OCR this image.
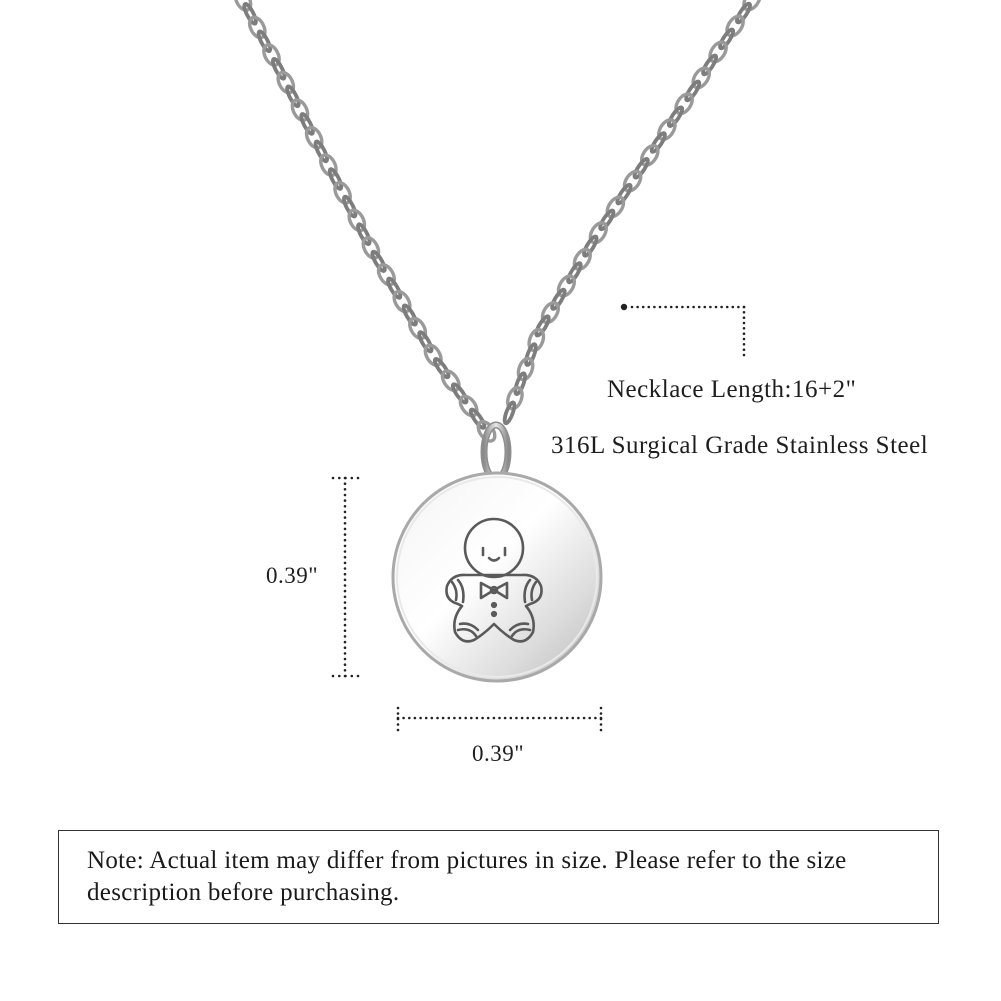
Necklace Length:16+2"
316L Surgical Grade Stainless Steel
0.39"
0.39"
Note: Actual item may differ from pictures in size. Please refer to the size description before purchasing.
